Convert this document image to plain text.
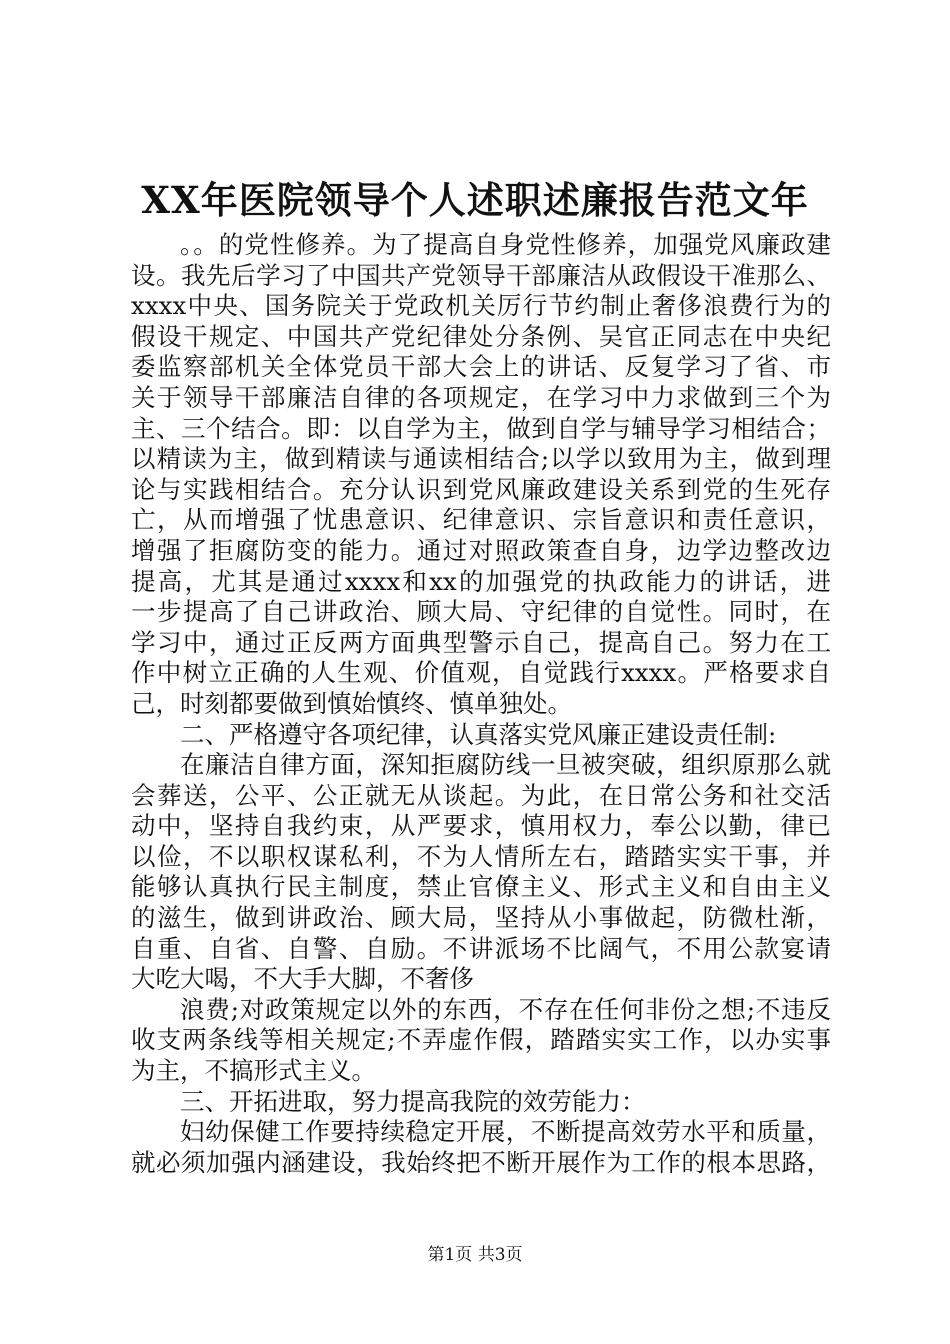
XX年医院领导个人述职述廉报告范文年
。。的党性修养。为了提高自身党性修养，加强党风廉政建
设。我先后学习了中国共产党领导干部廉洁从政假设干准那么、
xxxx中央、国务院关于党政机关厉行节约制止奢侈浪费行为的
假设干规定、中国共产党纪律处分条例、吴官正同志在中央纪
委监察部机关全体党员干部大会上的讲话、反复学习了省、市
关于领导干部廉洁自律的各项规定，在学习中力求做到三个为
主、三个结合。即：以自学为主，做到自学与辅导学习相结合；
以精读为主，做到精读与通读相结合;以学以致用为主，做到理
论与实践相结合。充分认识到党风廉政建设关系到党的生死存
亡，从而增强了忧患意识、纪律意识、宗旨意识和责任意识，
增强了拒腐防变的能力。通过对照政策查自身，边学边整改边
提高，尤其是通过xxxx和xx的加强党的执政能力的讲话，进
一步提高了自己讲政治、顾大局、守纪律的自觉性。同时，在
学习中，通过正反两方面典型警示自己，提高自己。努力在工
作中树立正确的人生观、价值观，自觉践行xxxx。严格要求自
己，时刻都要做到慎始慎终、慎单独处。
二、严格遵守各项纪律，认真落实党风廉正建设责任制:
在廉洁自律方面，深知拒腐防线一旦被突破，组织原那么就
会葬送，公平、公正就无从谈起。为此，在日常公务和社交活
动中，坚持自我约束，从严要求，慎用权力，奉公以勤，律已
以俭，不以职权谋私利，不为人情所左右，踏踏实实干事，并
能够认真执行民主制度，禁止官僚主义、形式主义和自由主义
的滋生，做到讲政治、顾大局，坚持从小事做起，防微杜渐，
自重、自省、自警、自励。不讲派场不比阔气，不用公款宴请
大吃大喝，不大手大脚，不奢侈
浪费;对政策规定以外的东西，不存在任何非份之想;不违反
收支两条线等相关规定;不弄虚作假，踏踏实实工作，以办实事
为主，不搞形式主义。
三、开拓进取，努力提高我院的效劳能力：
妇幼保健工作要持续稳定开展，不断提高效劳水平和质量，
就必须加强内涵建设，我始终把不断开展作为工作的根本思路，
第1页 共3页
